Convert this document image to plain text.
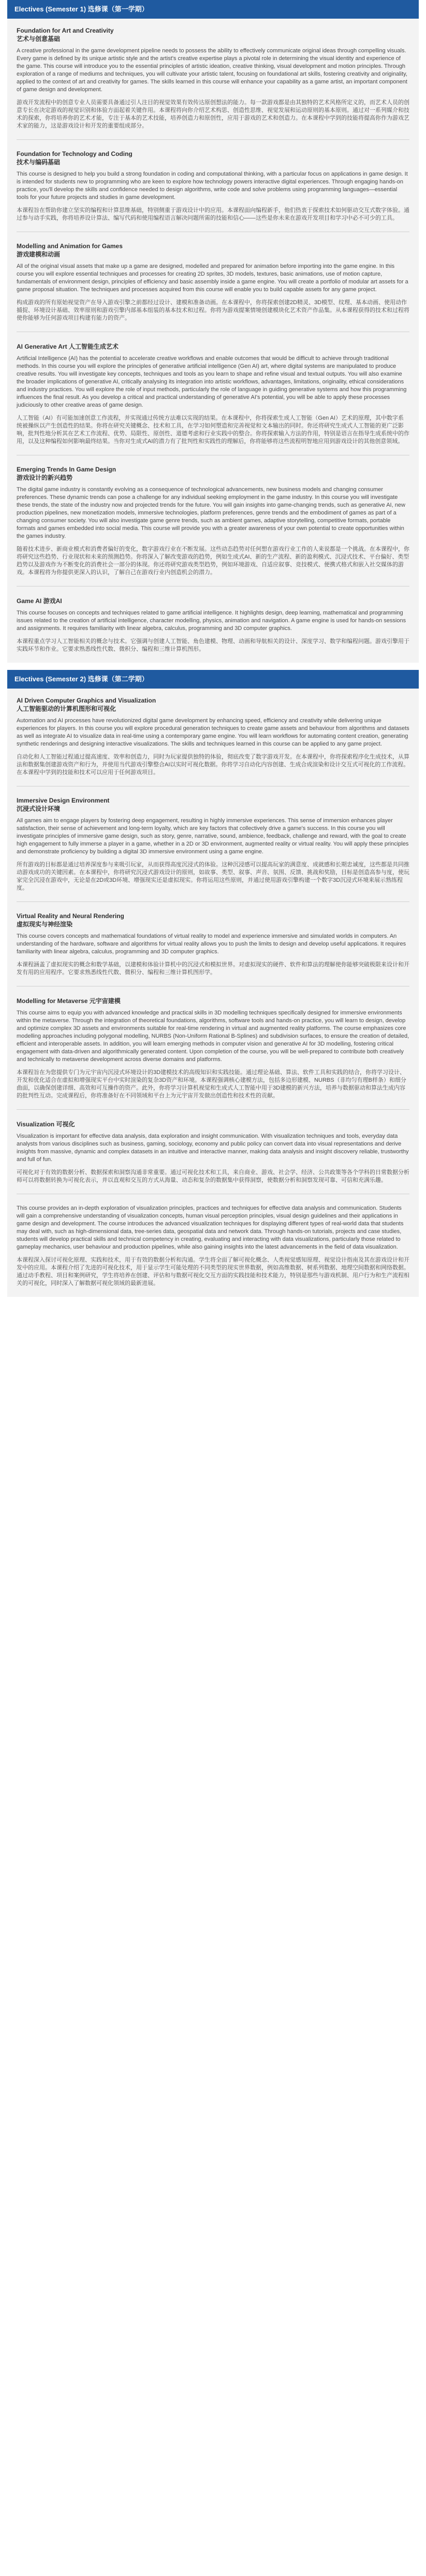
Electives (Semester 1) 选修课（第一学期）
Foundation for Art and Creativity
艺术与创意基础

A creative professional in the game development pipeline needs to possess the ability to effectively communicate original ideas through compelling visuals. Every game is defined by its unique artistic style and the artist's creative expertise plays a pivotal role in determining the visual identity and experience of the game. This course will introduce you to the essential principles of artistic ideation, creative thinking, visual development and motion principles. Through exploration of a range of mediums and techniques, you will cultivate your artistic talent, focusing on foundational art skills, fostering creativity and originality, applied to the context of art and creativity for games. The skills learned in this course will enhance your capability as a game artist, an important component of game design and development.

游戏开发流程中的创意专业人员需要具备通过引人注目的视觉效果有效传达原创想法的能力。每一款游戏都是由其独特的艺术风格所定义的，而艺术人员的创意专长在决定游戏的视觉识别和体验方面起着关键作用。本课程将向你介绍艺术构思、创造性思维、视觉发展和运动原则的基本原则。通过对一系列媒介和技术的探索，你将培养你的艺术才能，专注于基本的艺术技能，培养创造力和原创性，应用于游戏的艺术和创造力。在本课程中学到的技能将提高你作为游戏艺术家的能力，这是游戏设计和开发的重要组成部分。

Foundation for Technology and Coding
技术与编码基础

This course is designed to help you build a strong foundation in coding and computational thinking, with a particular focus on applications in game design. It is intended for students new to programming who are keen to explore how technology powers interactive digital experiences. Through engaging hands-on practice, you'll develop the skills and confidence needed to design algorithms, write code and solve problems using programming languages—essential tools for your future projects and studies in game development.

本课程旨在帮助你建立坚实的编程和计算思维基础，特别侧重于游戏设计中的应用。本课程面向编程新手，他们热衷于探索技术如何驱动交互式数字体验。通过参与动手实践，你将培养设计算法、编写代码和使用编程语言解决问题所需的技能和信心——这些是你未来在游戏开发项目和学习中必不可少的工具。

Modelling and Animation for Games
游戏建模和动画

All of the original visual assets that make up a game are designed, modelled and prepared for animation before importing into the game engine. In this course you will explore essential techniques and processes for creating 2D sprites, 3D models, textures, basic animations, use of motion capture, fundamentals of environment design, principles of efficiency and basic assembly inside a game engine. You will create a portfolio of modular art assets for a game proposal situation. The techniques and processes acquired from this course will enable you to build capable assets for any game project.

构成游戏的所有原始视觉资产在导入游戏引擎之前都经过设计、建模和准备动画。在本课程中，你将探索创建2D精灵、3D模型、纹理、基本动画、使用动作捕捉、环境设计基础、效率原则和游戏引擎内部基本组装的基本技术和过程。你将为游戏提案情境创建模块化艺术资产作品集。从本课程获得的技术和过程将使你能够为任何游戏项目构建有能力的资产。

AI Generative Art 人工智能生成艺术

Artificial Intelligence (AI) has the potential to accelerate creative workflows and enable outcomes that would be difficult to achieve through traditional methods. In this course you will explore the principles of generative artificial intelligence (Gen AI) art, where digital systems are manipulated to produce creative results. You will investigate key concepts, techniques and tools as you learn to shape and refine visual and textual outputs. You will also examine the broader implications of generative AI, critically analysing its integration into artistic workflows, advantages, limitations, originality, ethical considerations and industry practices. You will explore the role of input methods, particularly the role of language in guiding generative systems and how this programming influences the final result. As you develop a critical and practical understanding of generative AI's potential, you will be able to apply these processes judiciously to other creative areas of game design.

人工智能（AI）有可能加速创意工作流程，并实现通过传统方法难以实现的结果。在本课程中，你将探索生成人工智能（Gen AI）艺术的原理，其中数字系统被操纵以产生创造性的结果。你将在研究关键概念、技术和工具，在学习如何塑造和完善视觉和文本输出的同时。你还将研究生成式人工智能的更广泛影响，批判性地分析其在艺术工作流程、优势、局限性、原创性、道德考虑和行业实践中的整合。你将探索输入方法的作用，特别是语言在指导生成系统中的作用，以及这种编程如何影响最终结果。当你对生成式AI的潜力有了批判性和实践性的理解后，你将能够将这些流程明智地应用到游戏设计的其他创意领域。

Emerging Trends In Game Design
游戏设计的新兴趋势

The digital game industry is constantly evolving as a consequence of technological advancements, new business models and changing consumer preferences. These dynamic trends can pose a challenge for any individual seeking employment in the game industry. In this course you will investigate these trends, the state of the industry now and projected trends for the future. You will gain insights into game-changing trends, such as generative AI, new production pipelines, new monetization models, immersive technologies, platform preferences, genre trends and the embodiment of games as part of a changing consumer society. You will also investigate game genre trends, such as ambient games, adaptive storytelling, competitive formats, portable formats and games embedded into social media. This course will provide you with a greater awareness of your own potential to create opportunities within the games industry.

随着技术进步、新商业模式和消费者偏好的变化，数字游戏行业在不断发展。这些动态趋势对任何想在游戏行业工作的人来说都是一个挑战。在本课程中，你将研究这些趋势、行业现状和未来的预测趋势。你将深入了解改变游戏的趋势，例如生成式AI、新的生产流程、新的盈利模式、沉浸式技术、平台偏好、类型趋势以及游戏作为不断变化的消费社会一部分的体现。你还将研究游戏类型趋势，例如环境游戏、自适应叙事、竞技模式、便携式格式和嵌入社交媒体的游戏。本课程将为你提供更深入的认识，了解自己在游戏行业内创造机会的潜力。

Game AI 游戏AI

This course focuses on concepts and techniques related to game artificial intelligence. It highlights design, deep learning, mathematical and programming issues related to the creation of artificial intelligence, character modelling, physics, animation and navigation. A game engine is used for hands-on sessions and assignments. It requires familiarity with linear algebra, calculus, programming and 3D computer graphics.

本课程重点学习人工智能相关的概念与技术。它强调与创建人工智能、角色建模、物理、动画和导航相关的设计、深度学习、数学和编程问题。游戏引擎用于实践环节和作业。它要求熟悉线性代数、微积分、编程和三维计算机图形。

Electives (Semester 2) 选修课（第二学期）
AI Driven Computer Graphics and Visualization
人工智能驱动的计算机图形和可视化

Automation and AI processes have revolutionized digital game development by enhancing speed, efficiency and creativity while delivering unique experiences for players. In this course you will explore procedural generation techniques to create game assets and behaviour from algorithms and datasets as well as integrate AI to visualize data in real-time using a contemporary game engine. You will learn workflows for automating content creation, generating synthetic renderings and designing interactive visualizations. The skills and techniques learned in this course can be applied to any game project.

自动化和人工智能过程通过提高速度、效率和创造力，同时为玩家提供独特的体验，彻底改变了数字游戏开发。在本课程中，你将探索程序化生成技术，从算法和数据集创建游戏资产和行为，并使用当代游戏引擎整合AI以实时可视化数据。你将学习自动化内容创建、生成合成渲染和设计交互式可视化的工作流程。在本课程中学到的技能和技术可以应用于任何游戏项目。

Immersive Design Environment
沉浸式设计环境

All games aim to engage players by fostering deep engagement, resulting in highly immersive experiences. This sense of immersion enhances player satisfaction, their sense of achievement and long-term loyalty, which are key factors that collectively drive a game's success. In this course you will investigate principles of immersive game design, such as story, genre, narrative, sound, ambience, feedback, challenge and reward, with the goal to create high engagement to fully immerse a player in a game, whether in a 2D or 3D environment, augmented reality or virtual reality. You will apply these principles and demonstrate proficiency by building a digital 3D immersive environment using a game engine.

所有游戏的目标都是通过培养深度参与来吸引玩家，从而获得高度沉浸式的体验。这种沉浸感可以提高玩家的满意度、成就感和长期忠诚度，这些都是共同推动游戏成功的关键因素。在本课程中，你将研究沉浸式游戏设计的原则，如故事、类型、叙事、声音、氛围、反馈、挑战和奖励，目标是创造高参与度，使玩家完全沉浸在游戏中，无论是在2D或3D环境、增强现实还是虚拟现实。你将运用这些原则，并通过使用游戏引擎构建一个数字3D沉浸式环境来展示熟练程度。

Virtual Reality and Neural Rendering
虚拟现实与神经渲染

This course covers concepts and mathematical foundations of virtual reality to model and experience immersive and simulated worlds in computers. An understanding of the hardware, software and algorithms for virtual reality allows you to push the limits to design and develop useful applications. It requires familiarity with linear algebra, calculus, programming and 3D computer graphics.

本课程涵盖了虚拟现实的概念和数学基础，以建模和体验计算机中的沉浸式和模拟世界。对虚拟现实的硬件、软件和算法的理解使你能够突破极限来设计和开发有用的应用程序。它要求熟悉线性代数、微积分、编程和三维计算机图形学。

Modelling for Metaverse 元宇宙建模

This course aims to equip you with advanced knowledge and practical skills in 3D modelling techniques specifically designed for immersive environments within the metaverse. Through the integration of theoretical foundations, algorithms, software tools and hands-on practice, you will learn to design, develop and optimize complex 3D assets and environments suitable for real-time rendering in virtual and augmented reality platforms. The course emphasizes core modelling approaches including polygonal modelling, NURBS (Non-Uniform Rational B-Splines) and subdivision surfaces, to ensure the creation of detailed, efficient and interoperable assets. In addition, you will learn emerging methods in computer vision and generative AI for 3D modelling, fostering critical engagement with data-driven and algorithmically generated content. Upon completion of the course, you will be well-prepared to contribute both creatively and technically to metaverse development across diverse domains and platforms.

本课程旨在为您提供专门为元宇宙内沉浸式环境设计的3D建模技术的高级知识和实践技能。通过理论基础、算法、软件工具和实践的结合，你将学习设计、开发和优化适合在虚拟和增强现实平台中实时渲染的复杂3D资产和环境。本课程强调核心建模方法，包括多边形建模、NURBS（非均匀有理B样条）和细分曲面，以确保创建详细、高效和可互操作的资产。此外，你将学习计算机视觉和生成式人工智能中用于3D建模的新兴方法，培养与数据驱动和算法生成内容的批判性互动。完成课程后，你将准备好在不同领域和平台上为元宇宙开发做出创造性和技术性的贡献。

Visualization 可视化

Visualization is important for effective data analysis, data exploration and insight communication. With visualization techniques and tools, everyday data analysts from various disciplines such as business, gaming, sociology, economy and public policy can convert data into visual representations and derive insights from massive, dynamic and complex datasets in an intuitive and interactive manner, making data analysis and insight discovery reliable, trustworthy and full of fun.

可视化对于有效的数据分析、数据探索和洞察沟通非常重要。通过可视化技术和工具，来自商业、游戏、社会学、经济、公共政策等各个学科的日常数据分析师可以将数据转换为可视化表示，并以直观和交互的方式从海量、动态和复杂的数据集中获得洞察，使数据分析和洞察发现可靠、可信和充满乐趣。

This course provides an in-depth exploration of visualization principles, practices and techniques for effective data analysis and communication. Students will gain a comprehensive understanding of visualization concepts, human visual perception principles, visual design guidelines and their applications in game design and development. The course introduces the advanced visualization techniques for displaying different types of real-world data that students may deal with, such as high-dimensional data, tree-series data, geospatial data and network data. Through hands-on tutorials, projects and case studies, students will develop practical skills and technical competency in creating, evaluating and interacting with data visualizations, particularly those related to gameplay mechanics, user behaviour and production pipelines, while also gaining insights into the latest advancements in the field of data visualization.

本课程深入探讨可视化原理、实践和技术，用于有效的数据分析和沟通。学生将全面了解可视化概念、人类视觉感知原理、视觉设计指南及其在游戏设计和开发中的应用。本课程介绍了先进的可视化技术，用于显示学生可能处理的不同类型的现实世界数据，例如高维数据、树系列数据、地理空间数据和网络数据。通过动手教程、项目和案例研究，学生将培养在创建、评估和与数据可视化交互方面的实践技能和技术能力，特别是那些与游戏机制、用户行为和生产流程相关的可视化，同时深入了解数据可视化领域的最新进展。
